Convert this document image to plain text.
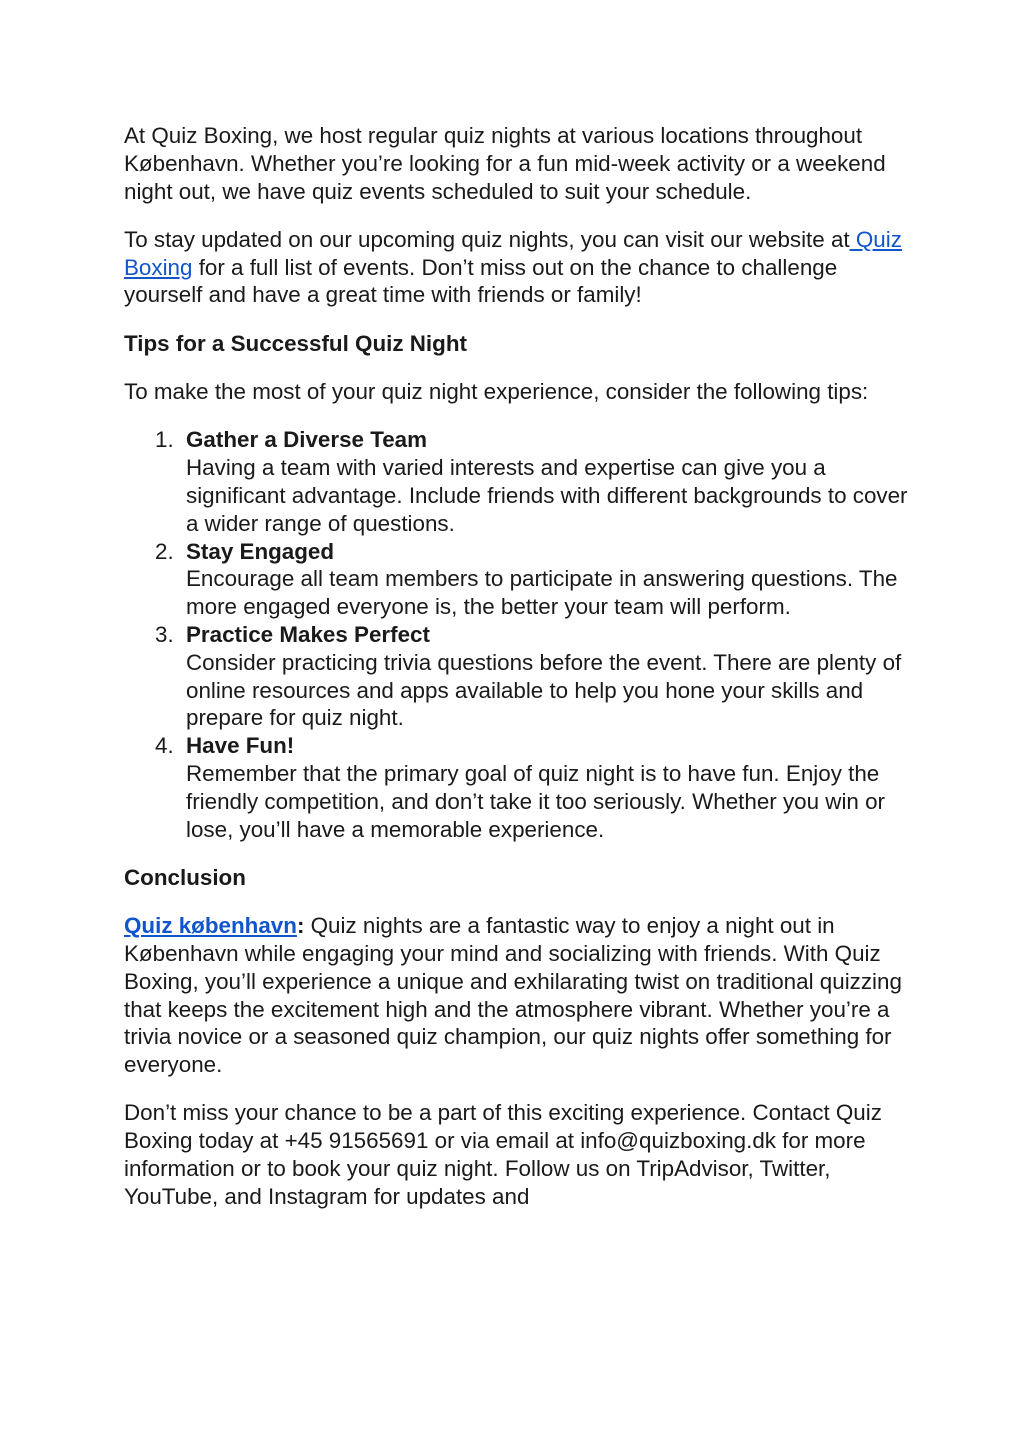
At Quiz Boxing, we host regular quiz nights at various locations throughout København. Whether you’re looking for a fun mid-week activity or a weekend night out, we have quiz events scheduled to suit your schedule.

To stay updated on our upcoming quiz nights, you can visit our website at Quiz Boxing for a full list of events. Don’t miss out on the chance to challenge yourself and have a great time with friends or family!

Tips for a Successful Quiz Night

To make the most of your quiz night experience, consider the following tips:

1. Gather a Diverse Team
Having a team with varied interests and expertise can give you a significant advantage. Include friends with different backgrounds to cover a wider range of questions.
2. Stay Engaged
Encourage all team members to participate in answering questions. The more engaged everyone is, the better your team will perform.
3. Practice Makes Perfect
Consider practicing trivia questions before the event. There are plenty of online resources and apps available to help you hone your skills and prepare for quiz night.
4. Have Fun!
Remember that the primary goal of quiz night is to have fun. Enjoy the friendly competition, and don’t take it too seriously. Whether you win or lose, you’ll have a memorable experience.
Conclusion

Quiz københavn: Quiz nights are a fantastic way to enjoy a night out in København while engaging your mind and socializing with friends. With Quiz Boxing, you’ll experience a unique and exhilarating twist on traditional quizzing that keeps the excitement high and the atmosphere vibrant. Whether you’re a trivia novice or a seasoned quiz champion, our quiz nights offer something for everyone.

Don’t miss your chance to be a part of this exciting experience. Contact Quiz Boxing today at +45 91565691 or via email at info@quizboxing.dk for more information or to book your quiz night. Follow us on TripAdvisor, Twitter, YouTube, and Instagram for updates and
